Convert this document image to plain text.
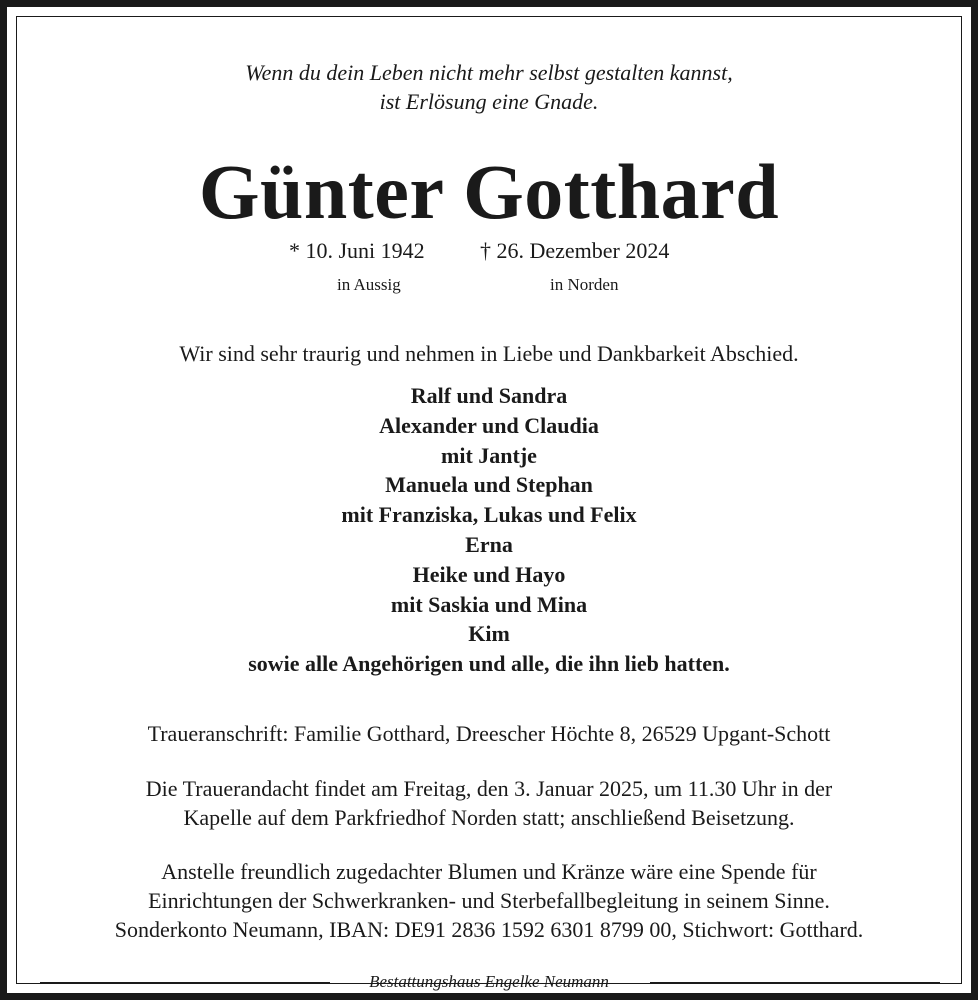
Wenn du dein Leben nicht mehr selbst gestalten kannst,
ist Erlösung eine Gnade.
Günter Gotthard
* 10. Juni 1942	† 26. Dezember 2024
in Aussig	in Norden
Wir sind sehr traurig und nehmen in Liebe und Dankbarkeit Abschied.
Ralf und Sandra
Alexander und Claudia
mit Jantje
Manuela und Stephan
mit Franziska, Lukas und Felix
Erna
Heike und Hayo
mit Saskia und Mina
Kim
sowie alle Angehörigen und alle, die ihn lieb hatten.
Traueranschrift: Familie Gotthard, Dreescher Höchte 8, 26529 Upgant-Schott
Die Trauerandacht findet am Freitag, den 3. Januar 2025, um 11.30 Uhr in der
Kapelle auf dem Parkfriedhof Norden statt; anschließend Beisetzung.
Anstelle freundlich zugedachter Blumen und Kränze wäre eine Spende für
Einrichtungen der Schwerkranken- und Sterbefallbegleitung in seinem Sinne.
Sonderkonto Neumann, IBAN: DE91 2836 1592 6301 8799 00, Stichwort: Gotthard.
Bestattungshaus Engelke Neumann
